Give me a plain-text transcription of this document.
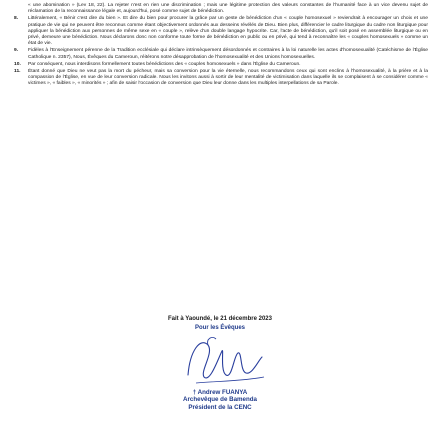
« une abomination » (Lev 18, 22). La rejeter n'est en rien une discrimination ; mais une légitime protection des valeurs constantes de l'humanité face à un vice devenu sujet de réclamation de la reconnaissance légale et, aujourd'hui, posé comme sujet de bénédiction.

8.	Littéralement, « Bénir c'est dire du bien ». Et dire du bien pour procurer la grâce par un geste de bénédiction d'un « couple homosexuel » reviendrait à encourager un choix et une pratique de vie qui ne peuvent être reconnus comme étant objectivement ordonnés aux desseins révélés de Dieu. Bien plus, différencier le cadre liturgique du cadre non liturgique pour appliquer la bénédiction aux personnes de même sexe en « couple », relève d'un double langage hypocrite. Car, l'acte de bénédiction, qu'il soit posé en assemblée liturgique ou en privé, demeure une bénédiction. Nous déclarons donc non conforme toute forme de bénédiction en public ou en privé, qui tend à reconnaître les « couples homosexuels » comme un état de vie.
9.	Fidèles à l'Enseignement pérenne de la Tradition ecclésiale qui déclare intrinsèquement désordonnés et contraires à la loi naturelle les actes d'homosexualité (Catéchisme de l'Église Catholique n. 2357), Nous, Évêques du Cameroun, réitérons notre désapprobation de l'homosexualité et des Unions homosexuelles.
10.	Par conséquent, nous interdisons formellement toutes bénédictions des « couples homosexuels » dans l'Église du Cameroun.
11.	Étant donné que Dieu ne veut pas la mort du pécheur, mais sa conversion pour la vie éternelle, nous recommandons ceux qui sont enclins à l'homosexualité, à la prière et à la compassion de l'Église, en vue de leur conversion radicale. Nous les invitons aussi à sortir de leur mentalité de victimisation dans laquelle ils se complaisent à se considérer comme « victimes », « faibles », « minorités » ; afin de saisir l'occasion de conversion que Dieu leur donne dans les multiples interpellations de sa Parole.
Fait à Yaoundé, le 21 décembre 2023
Pour les Évêques
† Andrew FUANYA
Archevêque de Bamenda
Président de la CENC
